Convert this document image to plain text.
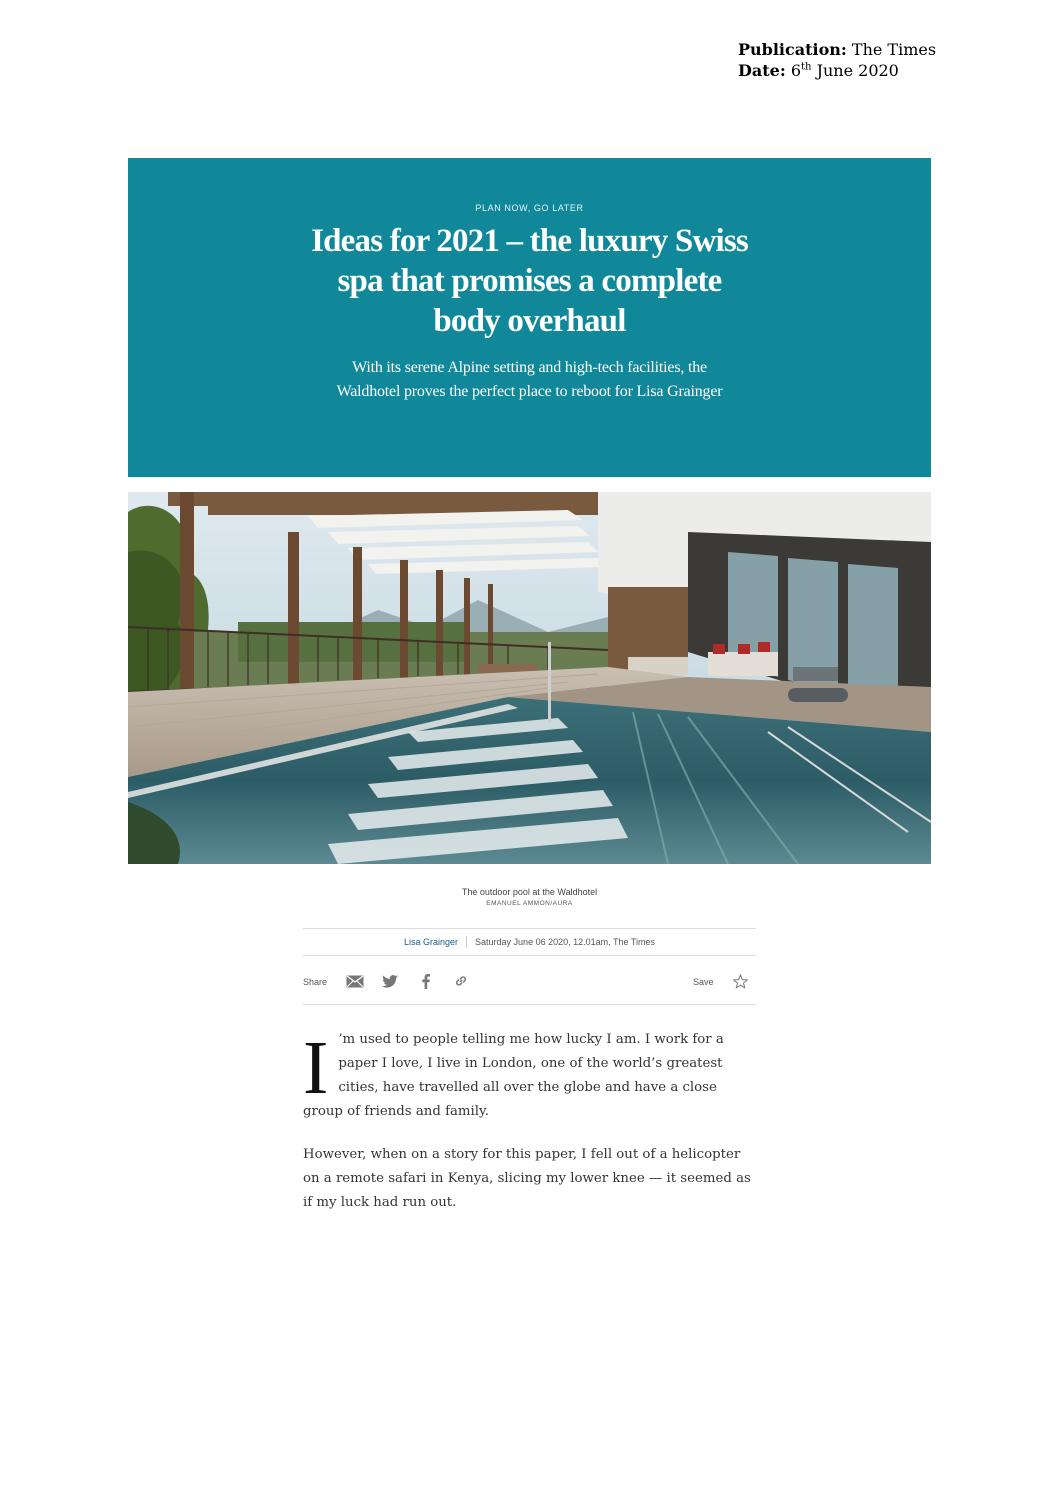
Publication: The Times
Date: 6th June 2020
PLAN NOW, GO LATER
Ideas for 2021 – the luxury Swiss spa that promises a complete body overhaul

With its serene Alpine setting and high-tech facilities, the Waldhotel proves the perfect place to reboot for Lisa Grainger

The outdoor pool at the Waldhotel
EMANUEL AMMON/AURA
Lisa Grainger Saturday June 06 2020, 12.01am, The Times
Share	Save

I ’m used to people telling me how lucky I am. I work for a paper I love, I live in London, one of the world’s greatest cities, have travelled all over the globe and have a close group of friends and family.

However, when on a story for this paper, I fell out of a helicopter on a remote safari in Kenya, slicing my lower knee — it seemed as if my luck had run out.
